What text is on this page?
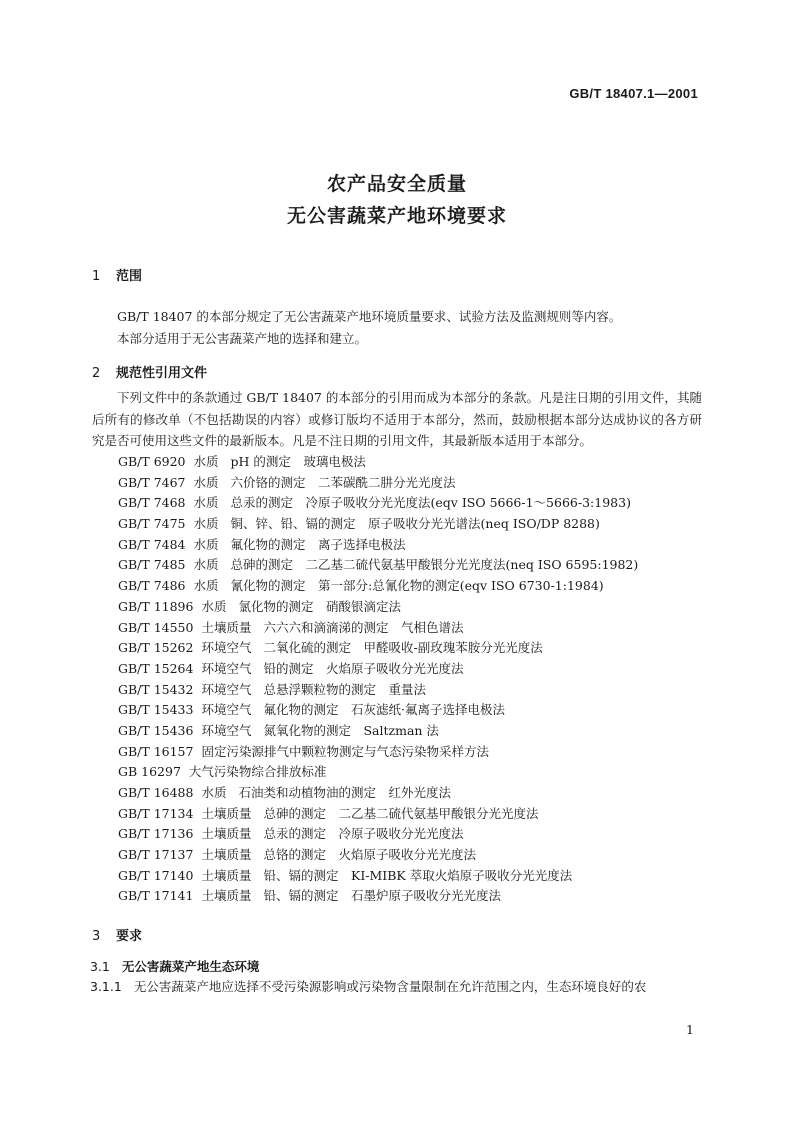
GB/T 18407.1—2001
农产品安全质量
无公害蔬菜产地环境要求
1 范围

GB/T 18407 的本部分规定了无公害蔬菜产地环境质量要求、试验方法及监测规则等内容。

本部分适用于无公害蔬菜产地的选择和建立。

2 规范性引用文件

下列文件中的条款通过 GB/T 18407 的本部分的引用而成为本部分的条款。凡是注日期的引用文件，其随后所有的修改单（不包括勘误的内容）或修订版均不适用于本部分，然而，鼓励根据本部分达成协议的各方研究是否可使用这些文件的最新版本。凡是不注日期的引用文件，其最新版本适用于本部分。

GB/T 6920 水质 pH 的测定　玻璃电极法
GB/T 7467 水质 六价铬的测定　二苯碳酰二肼分光光度法
GB/T 7468 水质 总汞的测定　冷原子吸收分光光度法(eqv ISO 5666-1～5666-3:1983)
GB/T 7475 水质 铜、锌、铅、镉的测定　原子吸收分光光谱法(neq ISO/DP 8288)
GB/T 7484 水质 氟化物的测定　离子选择电极法
GB/T 7485 水质 总砷的测定　二乙基二硫代氨基甲酸银分光光度法(neq ISO 6595:1982)
GB/T 7486 水质 氰化物的测定　第一部分:总氰化物的测定(eqv ISO 6730-1:1984)
GB/T 11896 水质 氯化物的测定　硝酸银滴定法
GB/T 14550 土壤质量 六六六和滴滴涕的测定　气相色谱法
GB/T 15262 环境空气 二氧化硫的测定　甲醛吸收-副玫瑰苯胺分光光度法
GB/T 15264 环境空气 铅的测定　火焰原子吸收分光光度法
GB/T 15432 环境空气 总悬浮颗粒物的测定　重量法
GB/T 15433 环境空气 氟化物的测定　石灰滤纸·氟离子选择电极法
GB/T 15436 环境空气 氮氧化物的测定　Saltzman 法
GB/T 16157 固定污染源排气中颗粒物测定与气态污染物采样方法
GB 16297 大气污染物综合排放标准
GB/T 16488 水质 石油类和动植物油的测定　红外光度法
GB/T 17134 土壤质量 总砷的测定　二乙基二硫代氨基甲酸银分光光度法
GB/T 17136 土壤质量 总汞的测定　冷原子吸收分光光度法
GB/T 17137 土壤质量 总铬的测定　火焰原子吸收分光光度法
GB/T 17140 土壤质量 铅、镉的测定　KI-MIBK 萃取火焰原子吸收分光光度法
GB/T 17141 土壤质量 铅、镉的测定　石墨炉原子吸收分光光度法
3 要求
3.1 无公害蔬菜产地生态环境
3.1.1 无公害蔬菜产地应选择不受污染源影响或污染物含量限制在允许范围之内，生态环境良好的农
1
